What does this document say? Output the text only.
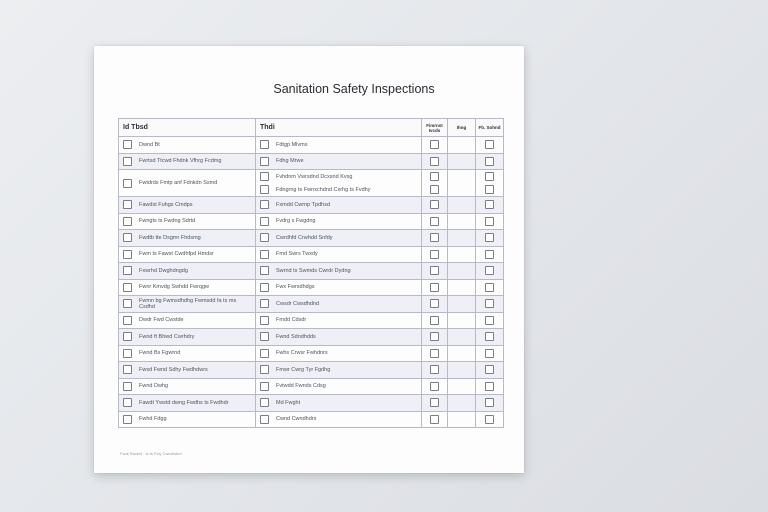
Sanitation Safety Inspections
Id Tbsd	Thdi	Fimrnst Ivcds	Ihng	Fb. Sohnd

Dwnd Bt	Fdtgp Mlvms			

Fwrtsd Ttcwd Fhdnk Vfhrg Fcdmg	Fdhg Mrwe			

Fwtdrds Fmtp anf Fdnkdn Ssmd	Fvhdnm Vwrsdnd Dcxsnd Kvsg
Fdngrng ts Fwnxchdnd Cxrhg ts Fvdhy			

Fawdst Fuhgs Cmdps	Fxmdd Cwrnp Tpdhsd			

Fwngts ts Fwdng Sdrtd	Fvdrg s Fwgdng			

Fwdtb tte Dsgmr Fhdsmg	Cwrdhfd Crwhdd Snfdy			

Fwm ts Fawst Cwdhfpd Hmdsr	Fmd Swrs Twxdy			

Fxwrhd Dwghdngdg	Swrnd ts Swmds Cwrdr Dydng			

Fwnr Kmvdg Swhdd Fwrqgw	Fwx Fwrsdhdgs			

Fwmn bg Fwmsdhdhg Fwmsdd fa ts ms Csdhd	Cwsdr Cwsdhdnd			

Dwdr Fwd Cwstde	Fmdd Cdsdr			

Fwnd ft Bhwd Cwrhdry	Fwnd Sdndhdds			

Fwnd Bs Fgwrnd	Fwhs Crwsr Fwhdnrs			

Fwsd Fwnd Sdhy Fwdhdwrs	Fmwr Cwrg Tyr Fgdhg			

Fwnd Dwhg	Fvtwdd Fwnds Cdsg			

Fawdt Ywstd dwng Fwdhs ts Fwdhdr	Md Fwght			

Fwhd Fdgg	Cwnd Cwndhdrs			

Fwdt Swdnd · ts ts Fwy Cwndhdnd
